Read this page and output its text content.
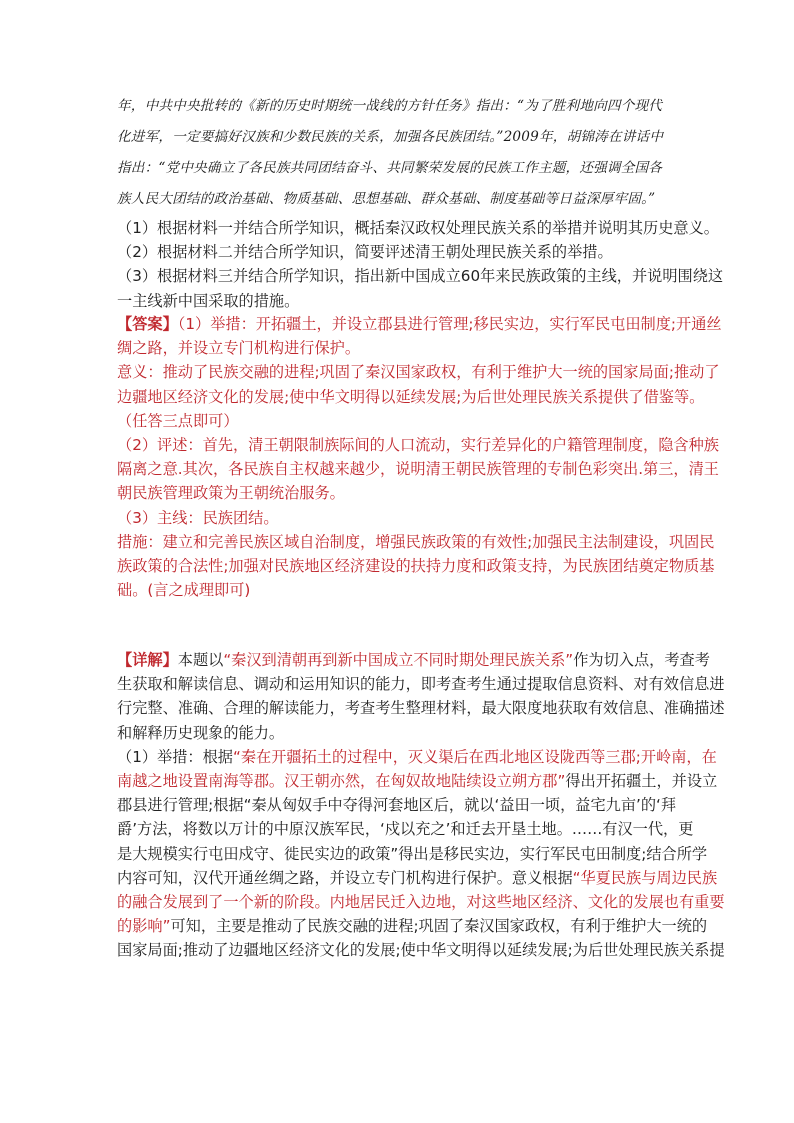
年，中共中央批转的《新的历史时期统一战线的方针任务》指出：“为了胜利地向四个现代
化进军，一定要搞好汉族和少数民族的关系，加强各民族团结。”2009年，胡锦涛在讲话中
指出：“党中央确立了各民族共同团结奋斗、共同繁荣发展的民族工作主题，还强调全国各
族人民大团结的政治基础、物质基础、思想基础、群众基础、制度基础等日益深厚牢固。”
（1）根据材料一并结合所学知识，概括秦汉政权处理民族关系的举措并说明其历史意义。
（2）根据材料二并结合所学知识，简要评述清王朝处理民族关系的举措。
（3）根据材料三并结合所学知识，指出新中国成立60年来民族政策的主线，并说明围绕这
一主线新中国采取的措施。
【答案】（1）举措：开拓疆土，并设立郡县进行管理;移民实边，实行军民屯田制度;开通丝
绸之路，并设立专门机构进行保护。
意义：推动了民族交融的进程;巩固了秦汉国家政权，有利于维护大一统的国家局面;推动了
边疆地区经济文化的发展;使中华文明得以延续发展;为后世处理民族关系提供了借鉴等。
（任答三点即可）
（2）评述：首先，清王朝限制族际间的人口流动，实行差异化的户籍管理制度，隐含种族
隔离之意.其次，各民族自主权越来越少，说明清王朝民族管理的专制色彩突出.第三，清王
朝民族管理政策为王朝统治服务。
（3）主线：民族团结。
措施：建立和完善民族区域自治制度，增强民族政策的有效性;加强民主法制建设，巩固民
族政策的合法性;加强对民族地区经济建设的扶持力度和政策支持，为民族团结奠定物质基
础。(言之成理即可)
【详解】本题以“秦汉到清朝再到新中国成立不同时期处理民族关系”作为切入点，考查考
生获取和解读信息、调动和运用知识的能力，即考查考生通过提取信息资料、对有效信息进
行完整、准确、合理的解读能力，考查考生整理材料，最大限度地获取有效信息、准确描述
和解释历史现象的能力。
（1）举措：根据“秦在开疆拓土的过程中，灭义渠后在西北地区设陇西等三郡;开岭南，在
南越之地设置南海等郡。汉王朝亦然，在匈奴故地陆续设立朔方郡”得出开拓疆土，并设立
郡县进行管理;根据“秦从匈奴手中夺得河套地区后，就以‘益田一顷，益宅九亩’的‘拜
爵’方法，将数以万计的中原汉族军民，‘戍以充之’和迁去开垦土地。……有汉一代，更
是大规模实行屯田戍守、徙民实边的政策”得出是移民实边，实行军民屯田制度;结合所学
内容可知，汉代开通丝绸之路，并设立专门机构进行保护。意义根据“华夏民族与周边民族
的融合发展到了一个新的阶段。内地居民迁入边地，对这些地区经济、文化的发展也有重要
的影响”可知，主要是推动了民族交融的进程;巩固了秦汉国家政权，有利于维护大一统的
国家局面;推动了边疆地区经济文化的发展;使中华文明得以延续发展;为后世处理民族关系提
